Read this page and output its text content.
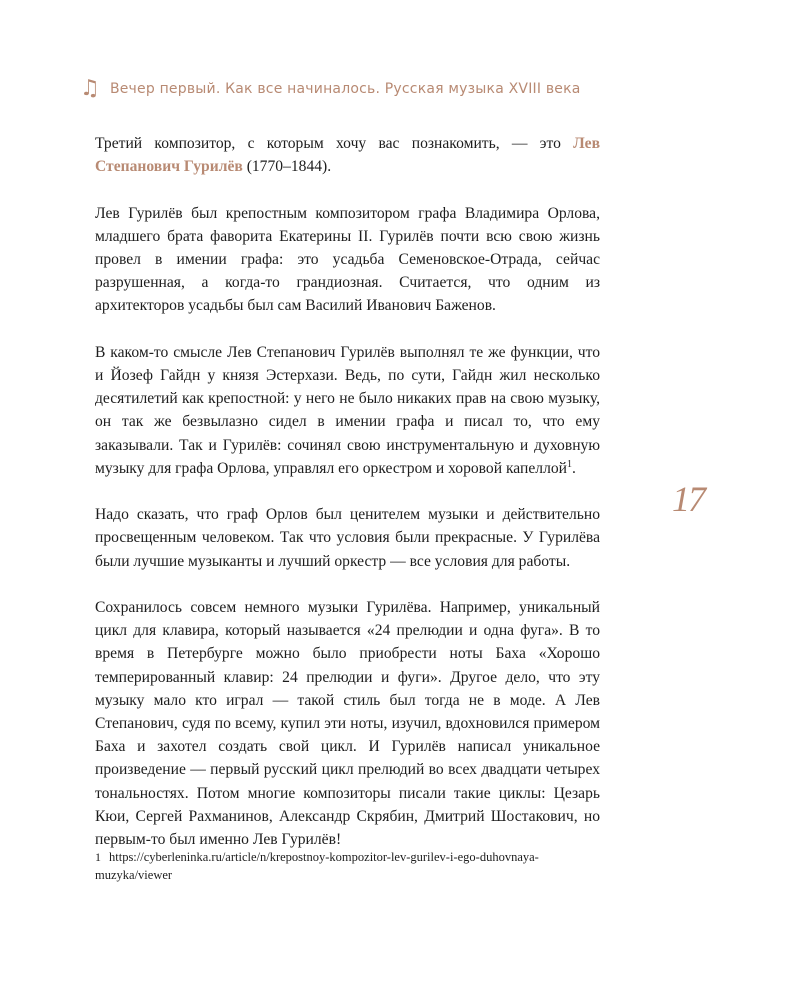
♫ Вечер первый. Как все начиналось. Русская музыка XVIII века

Третий композитор, с которым хочу вас познакомить, — это Лев Степанович Гурилёв (1770–1844).

Лев Гурилёв был крепостным композитором графа Владимира Орлова, младшего брата фаворита Екатерины II. Гурилёв почти всю свою жизнь провел в имении графа: это усадьба Семеновское-Отрада, сейчас разрушенная, а когда-то грандиозная. Считается, что одним из архитекторов усадьбы был сам Василий Иванович Баженов.

В каком-то смысле Лев Степанович Гурилёв выполнял те же функции, что и Йозеф Гайдн у князя Эстерхази. Ведь, по сути, Гайдн жил несколько десятилетий как крепостной: у него не было никаких прав на свою музыку, он так же безвылазно сидел в имении графа и писал то, что ему заказывали. Так и Гурилёв: сочинял свою инструментальную и духовную музыку для графа Орлова, управлял его оркестром и хоровой капеллой$^1$.

Надо сказать, что граф Орлов был ценителем музыки и действительно просвещенным человеком. Так что условия были прекрасные. У Гурилёва были лучшие музыканты и лучший оркестр — все условия для работы.

Сохранилось совсем немного музыки Гурилёва. Например, уникальный цикл для клавира, который называется «24 прелюдии и одна фуга». В то время в Петербурге можно было приобрести ноты Баха «Хорошо темперированный клавир: 24 прелюдии и фуги». Другое дело, что эту музыку мало кто играл — такой стиль был тогда не в моде. А Лев Степанович, судя по всему, купил эти ноты, изучил, вдохновился примером Баха и захотел создать свой цикл. И Гурилёв написал уникальное произведение — первый русский цикл прелюдий во всех двадцати четырех тональностях. Потом многие композиторы писали такие циклы: Цезарь Кюи, Сергей Рахманинов, Александр Скрябин, Дмитрий Шостакович, но первым-то был именно Лев Гурилёв!

1 https://cyberleninka.ru/article/n/krepostnoy-kompozitor-lev-gurilev-i-ego-duhovnaya-muzyka/viewer
17
